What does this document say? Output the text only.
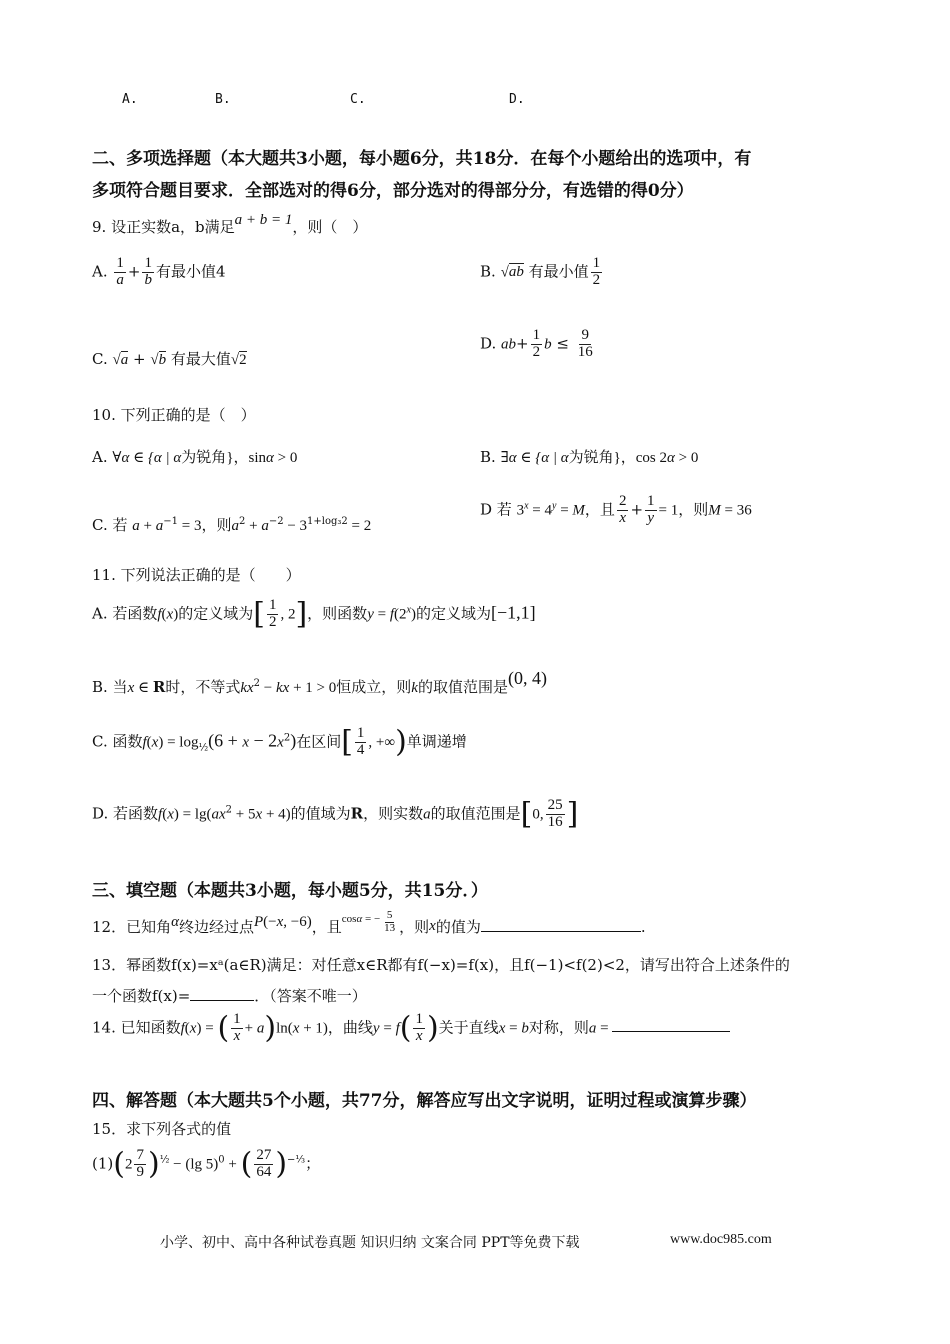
A.	B.	C.	D.
二、多项选择题（本大题共3小题，每小题6分，共18分．在每个小题给出的选项中，有
多项符合题目要求．全部选对的得6分，部分选对的得部分分，有选错的得0分）
9. 设正实数a，b满足a + b = 1，则（　）
A. $\frac{1}{a} + \frac{1}{b}$ 有最小值4	B. √ab 有最小值 $\frac{1}{2}$
C. √a + √b 有最大值√2
D. $ab+ \frac{1}{2}$ $b \le \frac{9}{16}$
10. 下列正确的是（　）
A. ∀α ∈ {α | α为锐角}，sinα > 0	B. ∃α ∈ {α | α为锐角}，cos 2α > 0
C. 若 $a + a^{-1} = 3$，则$a^2 + a^{-2} - 3^{1+log_32} = 2$
D 若 $3^x = 4^y = M$，且 $\frac{2}{x} + \frac{1}{y} = 1$，则M = 36
11. 下列说法正确的是（　　）
A. 若函数f(x)的定义域为[ $\frac{1}{2}$ , 2]，则函数$y = f(2^x)$的定义域为[−1,1]
B. 当x ∈ R时，不等式$kx^2$ − kx + 1 > 0恒成立，则k的取值范围是(0, 4)
C. 函数$f(x) = \log_{\frac{1}{2}}(6 + x - 2x^2)$在区间[ $\frac{1}{4}$ , +∞)单调递增
D. 若函数$f(x) = \lg(ax^2 + 5x + 4)$的值域为R，则实数a的取值范围是[0, $\frac{25}{16}$ ]
三、填空题（本题共3小题，每小题5分，共15分．）
12．已知角α终边经过点P(−x, −6)，且$^{cos\alpha}$ $^{= -} \frac{5}{13}$ ，则x的值为	.
13．幂函数f(x)=xᵃ(a∈R)满足：对任意x∈R都有f(−x)=f(x)，且f(−1)<f(2)<2，请写出符合上述条件的
一个函数f(x)=	．（答案不唯一）
14. 已知函数f(x) = ( $\frac{1}{x} + a)\ln(x + 1)$，曲线$y = f( \frac{1}{x}$ )关于直线x = b对称，则a =
四、解答题（本大题共5个小题，共77分，解答应写出文字说明，证明过程或演算步骤）
15．求下列各式的值
$(1)(2 \frac{7}{9} )^{\frac{1}{2}} - (\lg$ 5)$^0$ + ( $\frac{27}{64} )^{-\frac{1}{3}}$；
小学、初中、高中各种试卷真题 知识归纳 文案合同 PPT等免费下载	www.doc985.com
